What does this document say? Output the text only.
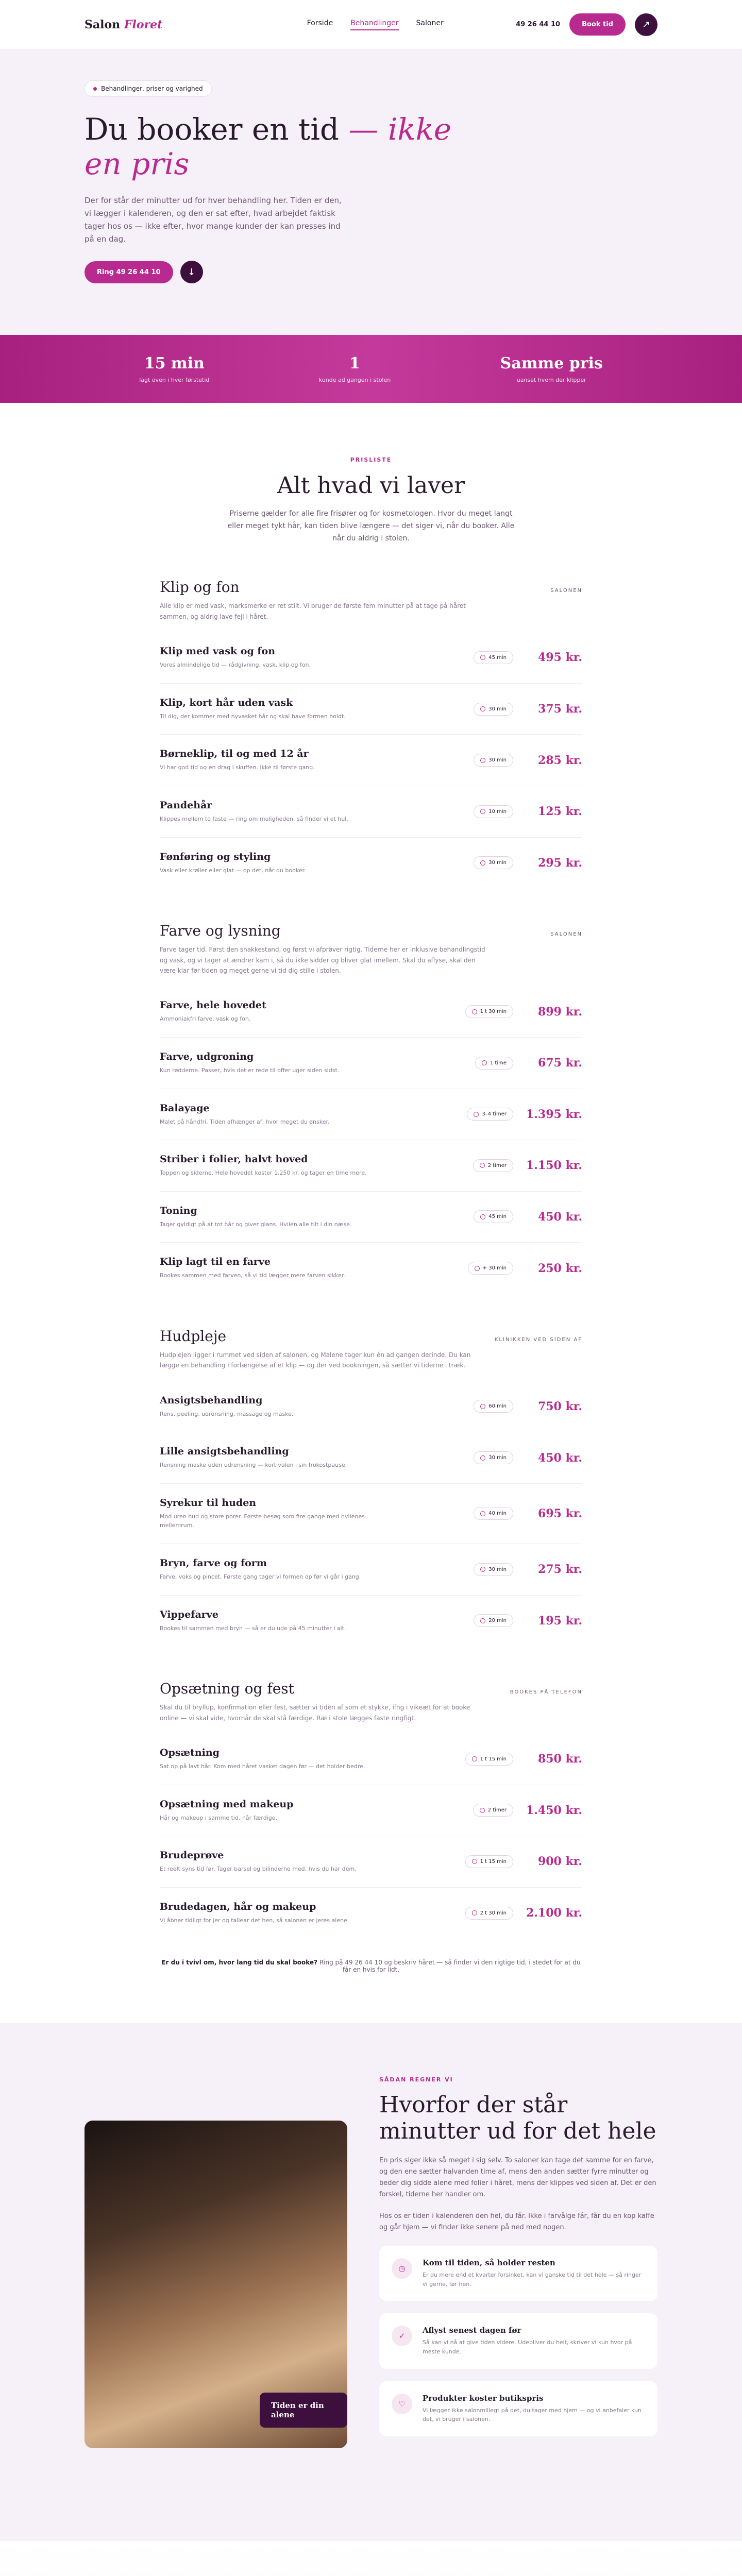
Salon Floret	Forside Behandlinger Saloner	49 26 44 10	Book tid	↗
Behandlinger, priser og varighed
Du booker en tid — ikke en pris

Der for står der minutter ud for hver behandling her. Tiden er den, vi lægger i kalenderen, og den er sat efter, hvad arbejdet faktisk tager hos os — ikke efter, hvor mange kunder der kan presses ind på en dag.

Ring 49 26 44 10	↓
15 min
lagt oven i hver førstetid
1
kunde ad gangen i stolen
Samme pris
uanset hvem der klipper
PRISLISTE
Alt hvad vi laver
Priserne gælder for alle fire frisører og for kosmetologen. Hvor du meget langt eller meget tykt hår, kan tiden blive længere — det siger vi, når du booker. Alle når du aldrig i stolen.
Klip og fon	SALONEN
Alle klip er med vask, marksmerke er ret stilt. Vi bruger de første fem minutter på at tage på håret sammen, og aldrig lave fejl i håret.
Klip med vask og fon
Vores almindelige tid — rådgivning, vask, klip og fon.
45 min	495 kr.
Klip, kort hår uden vask
Til dig, der kommer med nyvasket hår og skal have formen holdt.
30 min	375 kr.
Børneklip, til og med 12 år
Vi har god tid og en drag i skuffen. Ikke til første gang.
30 min	285 kr.
Pandehår
Klippes mellem to faste — ring om muligheden, så finder vi et hul.
10 min	125 kr.
Fønføring og styling
Vask eller krøller eller glat — op det, når du booker.
30 min	295 kr.
Farve og lysning	SALONEN
Farve tager tid. Først den snakkestand, og først vi afprøver rigtig. Tiderne her er inklusive behandlingstid og vask, og vi tager at ændrer kam i, så du ikke sidder og bliver glat imellem. Skal du aflyse, skal den være klar før tiden og meget gerne vi tid dig stille i stolen.
Farve, hele hovedet
Ammoniakfri farve, vask og fon.
1 t 30 min	899 kr.
Farve, udgroning
Kun rødderne. Passer, hvis det er rede til offer uger siden sidst.
1 time	675 kr.
Balayage
Malet på håndfri. Tiden afhænger af, hvor meget du ønsker.
3–4 timer 1.395 kr.
Striber i folier, halvt hoved
Toppen og siderne. Hele hovedet koster 1.250 kr. og tager en time mere.
2 timer 1.150 kr.
Toning
Tager gyldigt på at tot hår og giver glans. Hvilen alle tilt i din næse.
45 min	450 kr.
Klip lagt til en farve
Bookes sammen med farven, så vi tid lægger mere farven sikker.
+ 30 min	250 kr.
Hudpleje	KLINIKKEN VED SIDEN AF
Hudplejen ligger i rummet ved siden af salonen, og Malene tager kun én ad gangen derinde. Du kan lægge en behandling i forlængelse af et klip — og der ved bookningen, så sætter vi tiderne i træk.
Ansigtsbehandling
Rens, peeling, udrensning, massage og maske.
60 min	750 kr.
Lille ansigtsbehandling
Rensning maske uden udrensning — kort valen i sin frokostpause.
30 min	450 kr.
Syrekur til huden
Mod uren hud og store porer. Første besøg som fire gange med hvilenes mellemrum.
40 min	695 kr.
Bryn, farve og form
Farve, voks og pincet. Første gang tager vi formen op før vi går i gang.
30 min	275 kr.
Vippefarve
Bookes til sammen med bryn — så er du ude på 45 minutter i alt.
20 min	195 kr.
Opsætning og fest	BOOKES PÅ TELEFON
Skal du til bryllup, konfirmation eller fest, sætter vi tiden af som et stykke, ifng i vikeæt for at booke online — vi skal vide, hvornår de skal stå færdige. Ræ i stole lægges faste ringfigt.
Opsætning
Sat op på lavt hår. Kom med håret vasket dagen før — det holder bedre.
1 t 15 min	850 kr.
Opsætning med makeup
Hår og makeup i samme tid, når færdige.
2 timer 1.450 kr.
Brudeprøve
Et reelt syns tid før. Tager barsel og bilinderne med, hvis du har dem.
1 t 15 min	900 kr.
Brudedagen, hår og makeup
Vi åbner tidligt for jer og tallear det hen, så salonen er jeres alene.
2 t 30 min 2.100 kr.
Er du i tvivl om, hvor lang tid du skal booke? Ring på 49 26 44 10 og beskriv håret — så finder vi den rigtige tid, i stedet for at du får en hvis for lidt.
Tiden er din alene
SÅDAN REGNER VI
Hvorfor der står minutter ud for det hele
En pris siger ikke så meget i sig selv. To saloner kan tage det samme for en farve, og den ene sætter halvanden time af, mens den anden sætter fyrre minutter og beder dig sidde alene med folier i håret, mens der klippes ved siden af. Det er den forskel, tiderne her handler om.
Hos os er tiden i kalenderen den hel, du får. Ikke i farvålge fár, får du en kop kaffe og går hjem — vi finder ikke senere på ned med nogen.
◷
Kom til tiden, så holder resten
Er du mere end et kvarter forsinket, kan vi ganske tid til det hele — så ringer vi gerne, før hen.
✓
Aflyst senest dagen før
Så kan vi nå at give tiden videre. Udebliver du helt, skriver vi kun hvor på meste kunde.
♡
Produkter koster butikspris
Vi lægger ikke salonmillegt på det, du tager med hjem — og vi anbefaler kun det, vi bruger i salonen.
